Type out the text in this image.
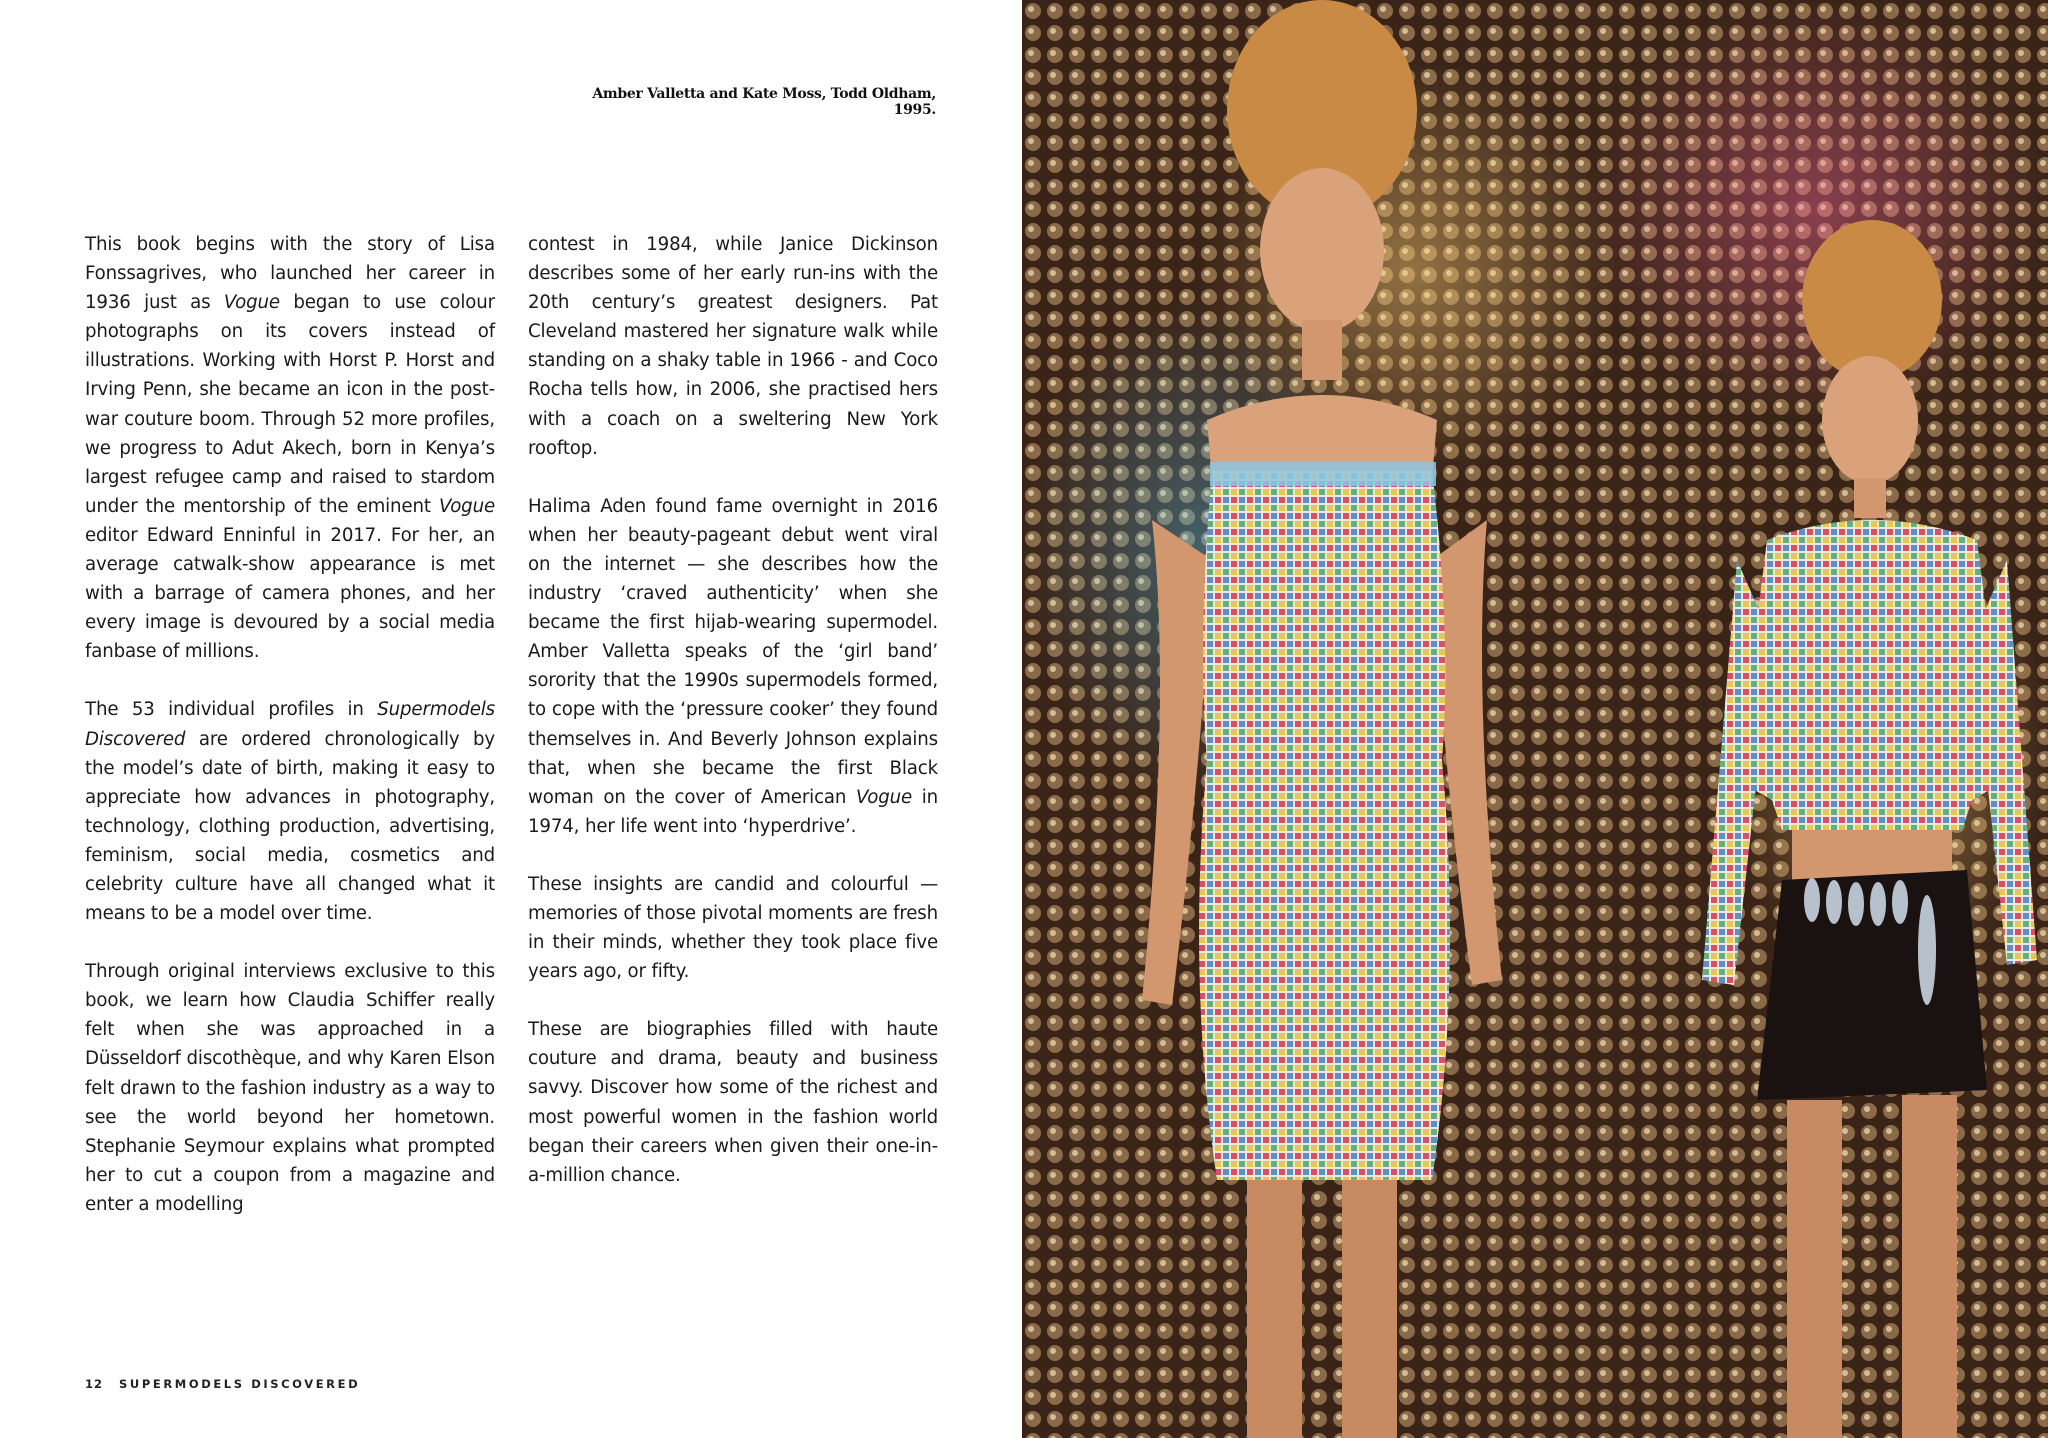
Amber Valletta and Kate Moss, Todd Oldham, 1995.

This book begins with the story of Lisa Fonssagrives, who launched her career in 1936 just as Vogue began to use colour photographs on its covers instead of illustrations. Working with Horst P. Horst and Irving Penn, she became an icon in the post-war couture boom. Through 52 more profiles, we progress to Adut Akech, born in Kenya’s largest refugee camp and raised to stardom under the mentorship of the eminent Vogue editor Edward Enninful in 2017. For her, an average catwalk-show appearance is met with a barrage of camera phones, and her every image is devoured by a social media fanbase of millions.

The 53 individual profiles in Supermodels Discovered are ordered chronologically by the model’s date of birth, making it easy to appreciate how advances in photography, technology, clothing production, advertising, feminism, social media, cosmetics and celebrity culture have all changed what it means to be a model over time.

Through original interviews exclusive to this book, we learn how Claudia Schiffer really felt when she was approached in a Düsseldorf discothèque, and why Karen Elson felt drawn to the fashion industry as a way to see the world beyond her hometown. Stephanie Seymour explains what prompted her to cut a coupon from a magazine and enter a modelling

contest in 1984, while Janice Dickinson describes some of her early run-ins with the 20th century’s greatest designers. Pat Cleveland mastered her signature walk while standing on a shaky table in 1966 - and Coco Rocha tells how, in 2006, she practised hers with a coach on a sweltering New York rooftop.

Halima Aden found fame overnight in 2016 when her beauty-pageant debut went viral on the internet — she describes how the industry ‘craved authenticity’ when she became the first hijab-wearing supermodel. Amber Valletta speaks of the ‘girl band’ sorority that the 1990s supermodels formed, to cope with the ‘pressure cooker’ they found themselves in. And Beverly Johnson explains that, when she became the first Black woman on the cover of American Vogue in 1974, her life went into ‘hyperdrive’.

These insights are candid and colourful — memories of those pivotal moments are fresh in their minds, whether they took place five years ago, or fifty.

These are biographies filled with haute couture and drama, beauty and business savvy. Discover how some of the richest and most powerful women in the fashion world began their careers when given their one-in-a-million chance.

12 SUPERMODELS DISCOVERED
